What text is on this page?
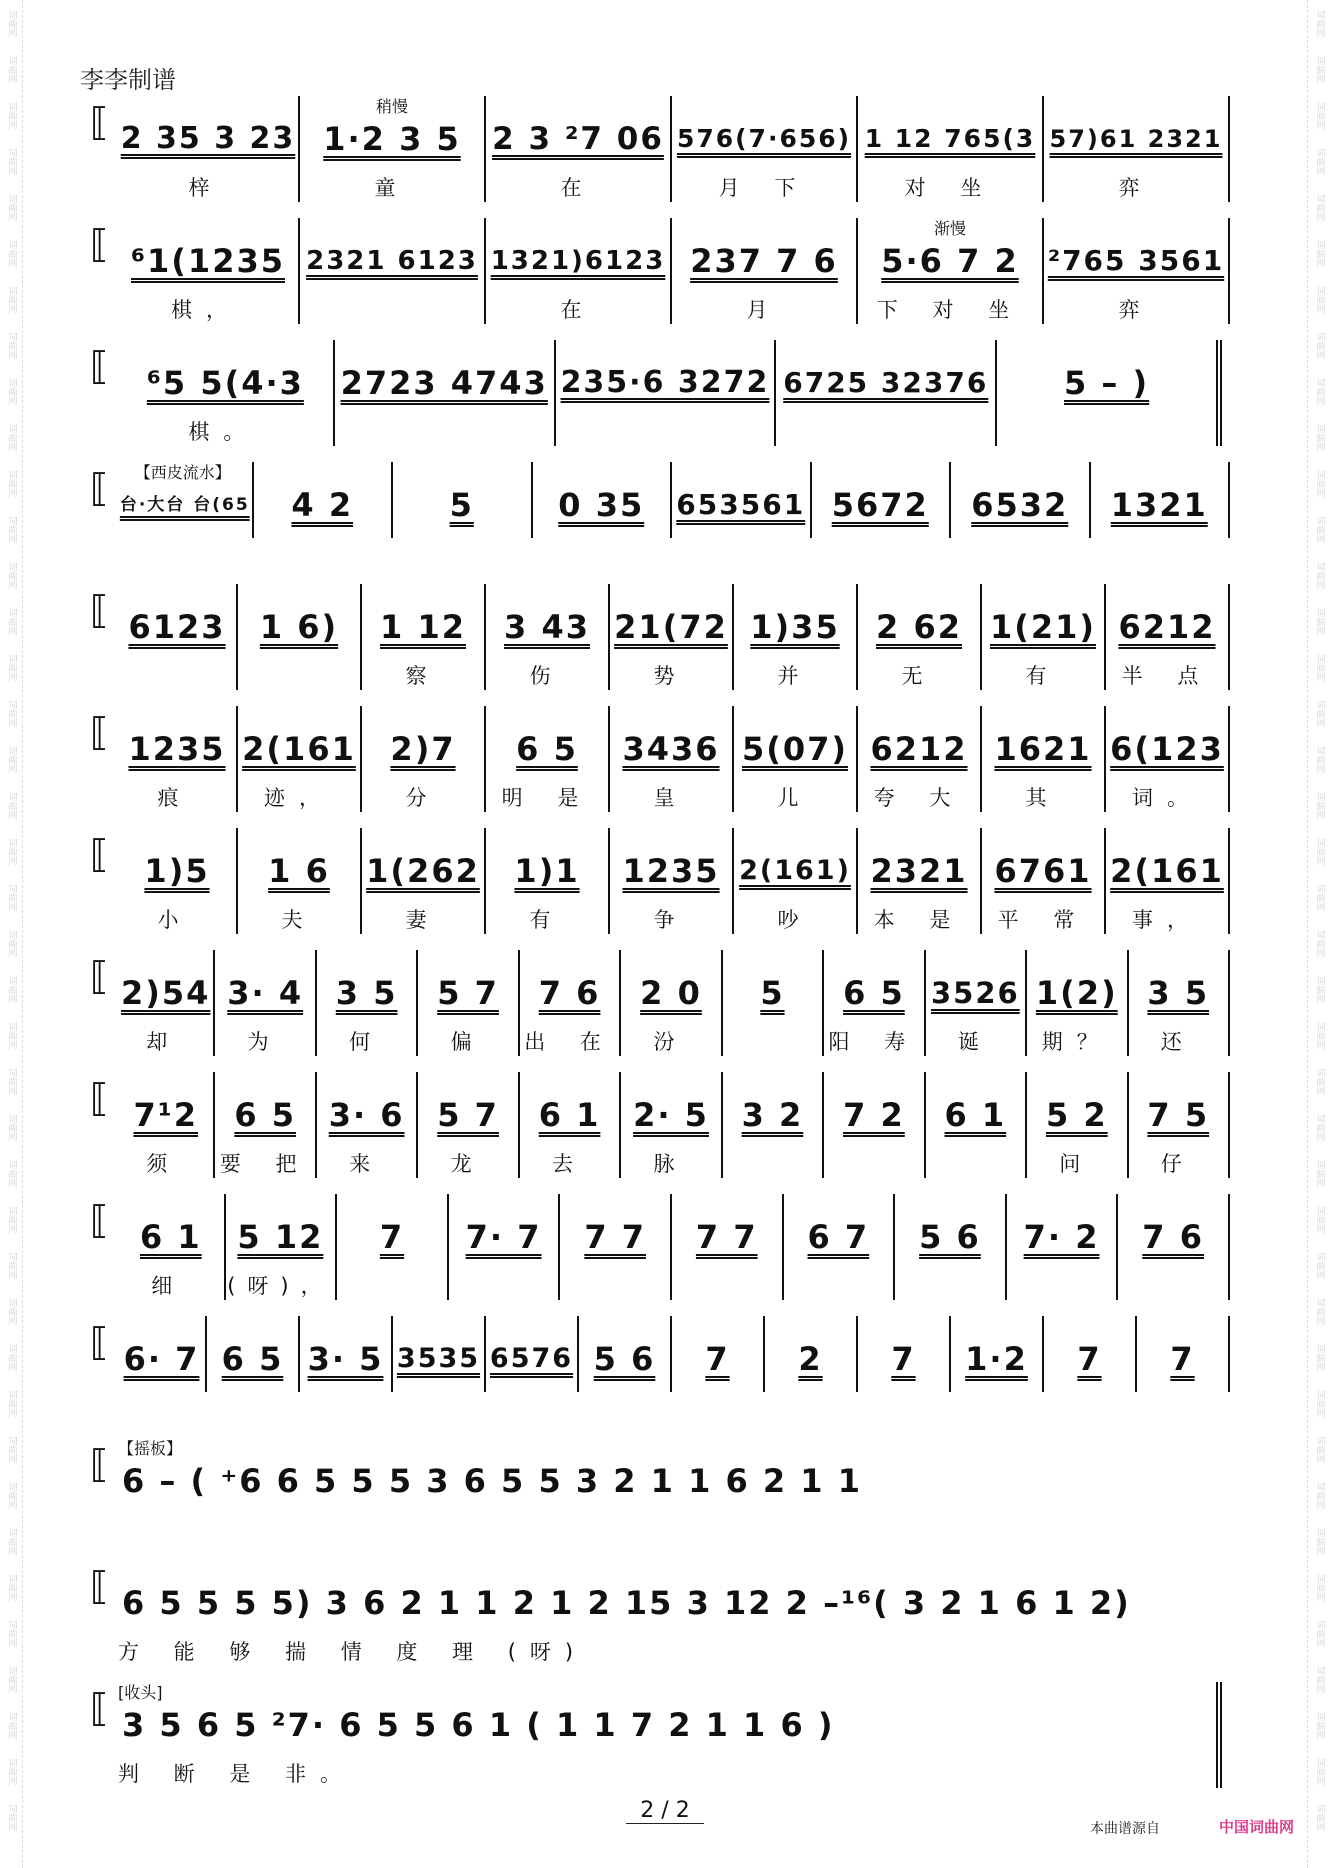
词曲网
词曲网
词曲网
词曲网
词曲网
词曲网
词曲网
词曲网
词曲网
词曲网
词曲网
词曲网
词曲网
词曲网
词曲网
词曲网
词曲网
词曲网
词曲网
词曲网
词曲网
词曲网
词曲网
词曲网
词曲网
词曲网
词曲网
词曲网
词曲网
词曲网
词曲网
词曲网
词曲网
词曲网
词曲网
词曲网
词曲网
词曲网
词曲网
词曲网
词曲网
词曲网
词曲网
词曲网
词曲网
词曲网
词曲网
词曲网
词曲网
词曲网
词曲网
词曲网
词曲网
词曲网
词曲网
词曲网
词曲网
词曲网
词曲网
词曲网
词曲网
词曲网
词曲网
词曲网
词曲网
词曲网
词曲网
词曲网
词曲网
词曲网
词曲网
词曲网
词曲网
词曲网
词曲网
词曲网
词曲网
词曲网
词曲网
词曲网
李李制谱
⟦ 2 35 3 23
梓
稍慢
1·2 3 5
童
2 3 ²7 06
在
576(7·656)
月 下
1 12 765(3
对 坐
57)61 2321
弈
⟦ ⁶1(1235
棋，
2321 6123 1321)6123
在
237 7 6
月
渐慢
5·6 7 2
下 对 坐
²765 3561
弈
⟦ ⁶5 5(4·3
棋。
2723 4743 235·6 3272 6725 32376 5 – )
⟦ 【西皮流水】
台·大台 台(65 4 2	5	0 35 653561 5672 6532 1321
⟦ 6123 1 6) 1 12
察
3 43
伤
21(72
势
1)35
并
2 62
无
1(21)
有
6212
半 点
⟦ 1235
痕
2(161
迹，
2)7
分
6 5
明 是
3436
皇
5(07)
儿
6212
夸 大
1621
其
6(123
词。
⟦ 1)5
小
1 6
夫
1(262
妻
1)1
有
1235
争
2(161)
吵
2321
本 是
6761
平 常
2(161
事，
⟦ 2)54
却
3· 4
为
3 5
何
5 7
偏
7 6
出 在
2 0
汾
5 6 5
阳 寿
3526
诞
1(2)
期？
3 5
还
⟦ 7¹2
须
6 5
要 把
3· 6
来
5 7
龙
6 1
去
2· 5
脉
3 2 7 2 6 1 5 2
问
7 5
仔
⟦ 6 1
细
5 12
(呀)，
7 7· 7 7 7 7 7 6 7 5 6 7· 2 7 6
⟦ 6· 7 6 5 3· 5 3535 6576 5 6 7 2 7 1·2 7 7
⟦ 【摇板】
6 – ( ⁺6 6 5 5 5 3 6 5 5 3 2 1 1 6 2 1 1
⟦ 6 5 5 5 5) 3 6 2 1 1 2 1 2 15 3 12 2 –¹⁶( 3 2 1 6 1 2)
方 能 够 揣 情 度 理 (呀)
⟦ [收头]
3 5 6 5 ²7· 6 5 5 6 1 ( 1 1 7 2 1 1 6 )
判 断 是 非。
2 / 2
本曲谱源自	中国词曲网
